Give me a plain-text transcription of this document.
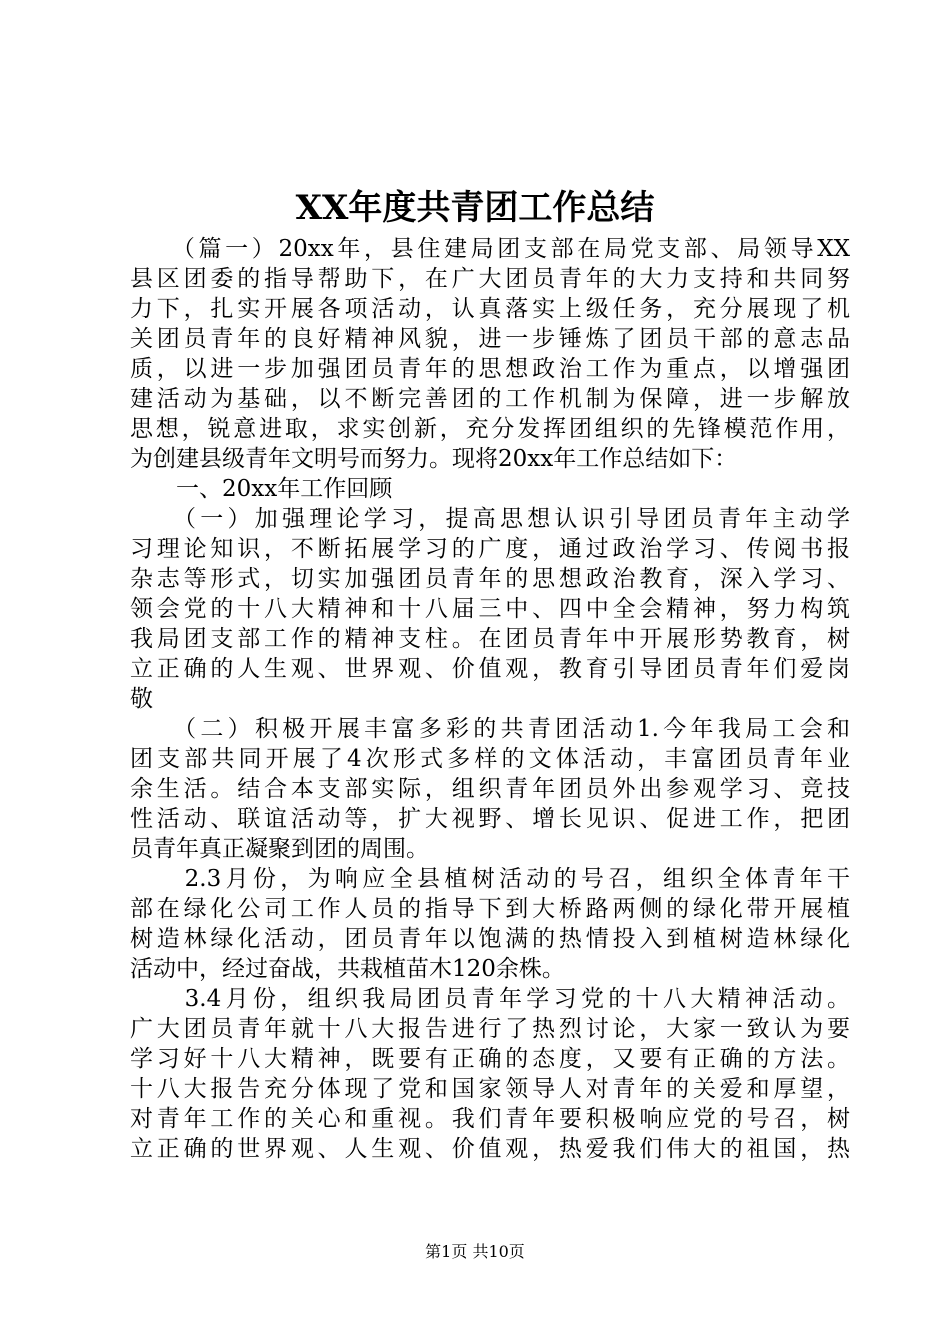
XX年度共青团工作总结
　　（篇一）20xx年，县住建局团支部在局党支部、局领导XX
县区团委的指导帮助下，在广大团员青年的大力支持和共同努
力下，扎实开展各项活动，认真落实上级任务，充分展现了机
关团员青年的良好精神风貌，进一步锤炼了团员干部的意志品
质，以进一步加强团员青年的思想政治工作为重点，以增强团
建活动为基础，以不断完善团的工作机制为保障，进一步解放
思想，锐意进取，求实创新，充分发挥团组织的先锋模范作用，
为创建县级青年文明号而努力。现将20xx年工作总结如下：
　　一、20xx年工作回顾
　　（一）加强理论学习，提高思想认识引导团员青年主动学
习理论知识，不断拓展学习的广度，通过政治学习、传阅书报
杂志等形式，切实加强团员青年的思想政治教育，深入学习、
领会党的十八大精神和十八届三中、四中全会精神，努力构筑
我局团支部工作的精神支柱。在团员青年中开展形势教育，树
立正确的人生观、世界观、价值观，教育引导团员青年们爱岗
敬
　　（二）积极开展丰富多彩的共青团活动1.今年我局工会和
团支部共同开展了4次形式多样的文体活动，丰富团员青年业
余生活。结合本支部实际，组织青年团员外出参观学习、竞技
性活动、联谊活动等，扩大视野、增长见识、促进工作，把团
员青年真正凝聚到团的周围。
　　2.3月份，为响应全县植树活动的号召，组织全体青年干
部在绿化公司工作人员的指导下到大桥路两侧的绿化带开展植
树造林绿化活动，团员青年以饱满的热情投入到植树造林绿化
活动中，经过奋战，共栽植苗木120余株。
　　3.4月份，组织我局团员青年学习党的十八大精神活动。
广大团员青年就十八大报告进行了热烈讨论，大家一致认为要
学习好十八大精神，既要有正确的态度，又要有正确的方法。
十八大报告充分体现了党和国家领导人对青年的关爱和厚望，
对青年工作的关心和重视。我们青年要积极响应党的号召，树
立正确的世界观、人生观、价值观，热爱我们伟大的祖国，热
第1页 共10页
